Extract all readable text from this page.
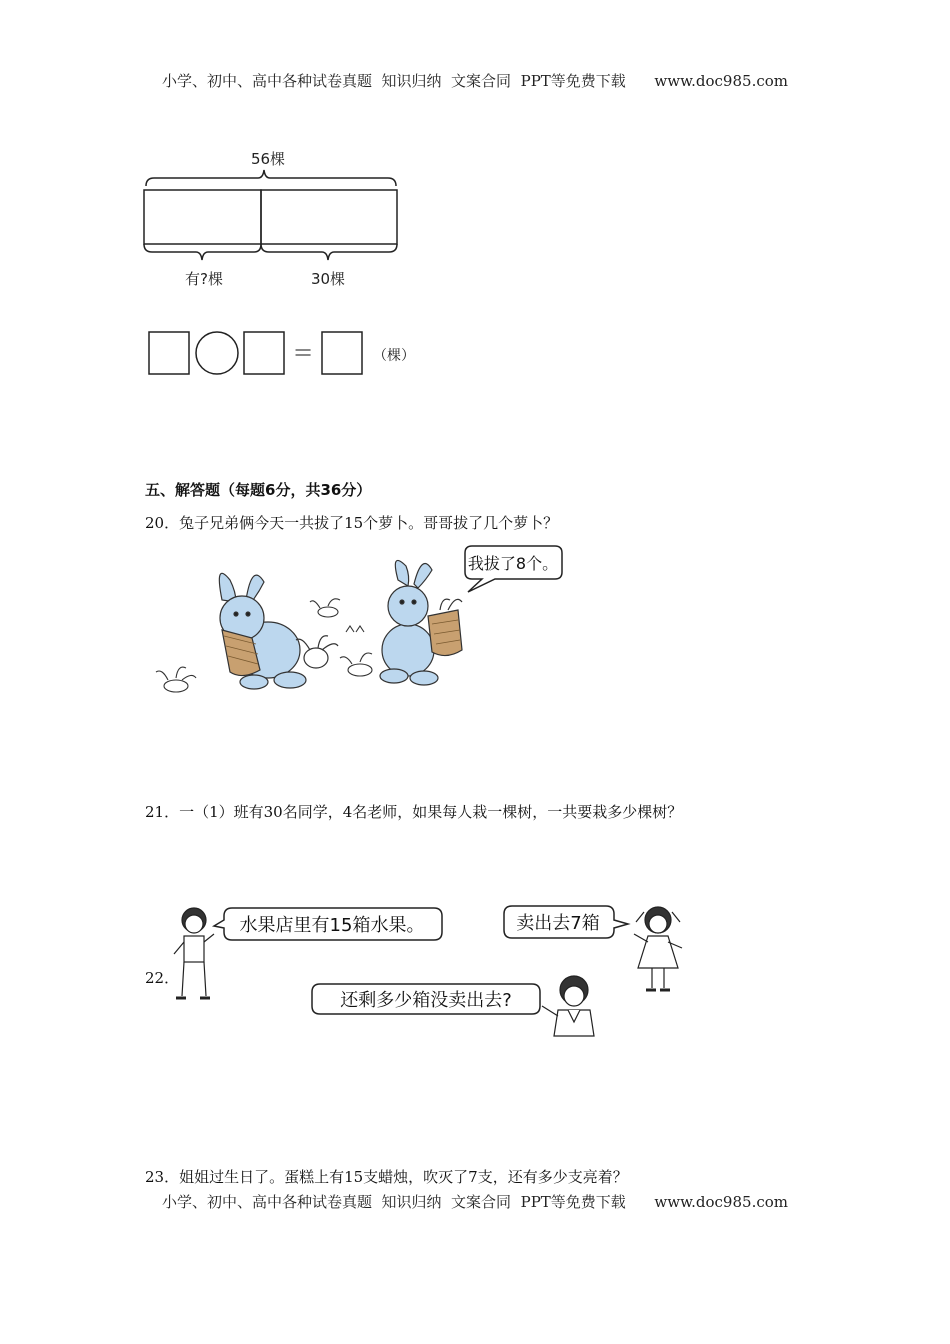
小学、初中、高中各种试卷真题  知识归纳  文案合同  PPT等免费下载      www.doc985.com
56棵
有?棵	30棵
=	（棵）
五、解答题（每题6分，共36分）
20．兔子兄弟俩今天一共拔了15个萝卜。哥哥拔了几个萝卜？
我拔了8个。
21．一（1）班有30名同学，4名老师，如果每人栽一棵树，一共要栽多少棵树？
22．
水果店里有15箱水果。	卖出去7箱
还剩多少箱没卖出去?
23．姐姐过生日了。蛋糕上有15支蜡烛，吹灭了7支，还有多少支亮着？
小学、初中、高中各种试卷真题  知识归纳  文案合同  PPT等免费下载      www.doc985.com
